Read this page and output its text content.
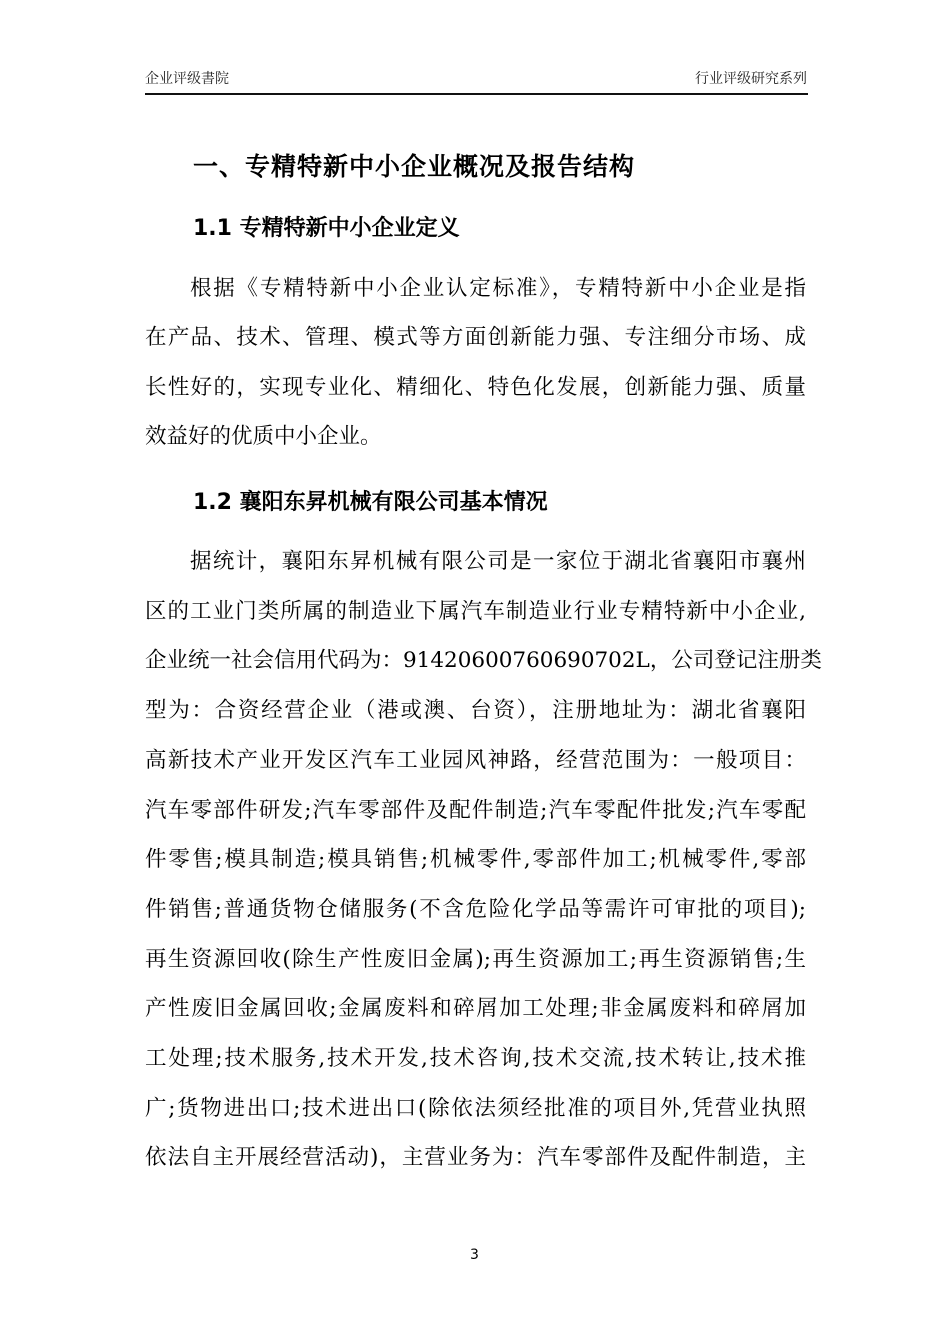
企业评级書院	行业评级研究系列
一、专精特新中小企业概况及报告结构
1.1 专精特新中小企业定义
根据《专精特新中小企业认定标准》，专精特新中小企业是指
在产品、技术、管理、模式等方面创新能力强、专注细分市场、成
长性好的，实现专业化、精细化、特色化发展，创新能力强、质量
效益好的优质中小企业。
1.2 襄阳东昇机械有限公司基本情况
据统计，襄阳东昇机械有限公司是一家位于湖北省襄阳市襄州
区的工业门类所属的制造业下属汽车制造业行业专精特新中小企业,
企业统一社会信用代码为：91420600760690702L，公司登记注册类
型为：合资经营企业（港或澳、台资），注册地址为：湖北省襄阳
高新技术产业开发区汽车工业园风神路，经营范围为：一般项目：
汽车零部件研发;汽车零部件及配件制造;汽车零配件批发;汽车零配
件零售;模具制造;模具销售;机械零件,零部件加工;机械零件,零部
件销售;普通货物仓储服务(不含危险化学品等需许可审批的项目);
再生资源回收(除生产性废旧金属);再生资源加工;再生资源销售;生
产性废旧金属回收;金属废料和碎屑加工处理;非金属废料和碎屑加
工处理;技术服务,技术开发,技术咨询,技术交流,技术转让,技术推
广;货物进出口;技术进出口(除依法须经批准的项目外,凭营业执照
依法自主开展经营活动)，主营业务为：汽车零部件及配件制造，主
3
